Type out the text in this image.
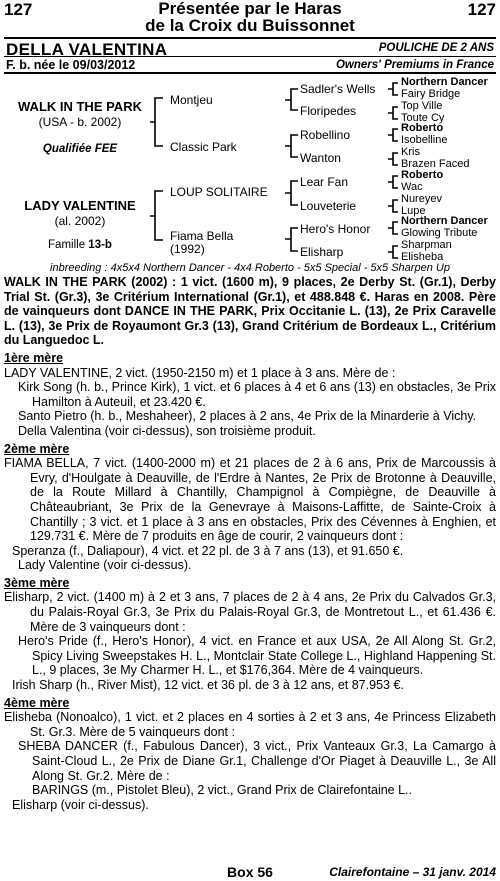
127	127
Présentée par le Haras
de la Croix du Buissonnet
DELLA VALENTINA	POULICHE DE 2 ANS
F. b. née le 09/03/2012	Owners' Premiums in France
WALK IN THE PARK
(USA - b. 2002)
Qualifiée FEE
LADY VALENTINE
(al. 2002)
Famille 13-b
Montjeu
Classic Park
LOUP SOLITAIRE
Fiama Bella
(1992)
Sadler's Wells
Floripedes
Robellino
Wanton
Lear Fan
Louveterie
Hero's Honor
Elisharp
Northern Dancer
Fairy Bridge
Top Ville
Toute Cy
Roberto
Isobelline
Kris
Brazen Faced
Roberto
Wac
Nureyev
Lupe
Northern Dancer
Glowing Tribute
Sharpman
Elisheba
inbreeding : 4x5x4 Northern Dancer - 4x4 Roberto - 5x5 Special - 5x5 Sharpen Up

WALK IN THE PARK (2002) : 1 vict. (1600 m), 9 places, 2e Derby St. (Gr.1), Derby Trial St. (Gr.3), 3e Critérium International (Gr.1), et 488.848 €. Haras en 2008. Père de vainqueurs dont DANCE IN THE PARK, Prix Occitanie L. (13), 2e Prix Caravelle L. (13), 3e Prix de Royaumont Gr.3 (13), Grand Critérium de Bordeaux L., Critérium du Languedoc L.

1ère mère

LADY VALENTINE, 2 vict. (1950-2150 m) et 1 place à 3 ans. Mère de :

Kirk Song (h. b., Prince Kirk), 1 vict. et 6 places à 4 et 6 ans (13) en obstacles, 3e Prix Hamilton à Auteuil, et 23.420 €.

Santo Pietro (h. b., Meshaheer), 2 places à 2 ans, 4e Prix de la Minarderie à Vichy.

Della Valentina (voir ci-dessus), son troisième produit.

2ème mère

FIAMA BELLA, 7 vict. (1400-2000 m) et 21 places de 2 à 6 ans, Prix de Marcoussis à Evry, d'Houlgate à Deauville, de l'Erdre à Nantes, 2e Prix de Brotonne à Deauville, de la Route Millard à Chantilly, Champignol à Compiègne, de Deauville à Châteaubriant, 3e Prix de la Genevraye à Maisons-Laffitte, de Sainte-Croix à Chantilly ; 3 vict. et 1 place à 3 ans en obstacles, Prix des Cévennes à Enghien, et 129.731 €. Mère de 7 produits en âge de courir, 2 vainqueurs dont :

Speranza (f., Daliapour), 4 vict. et 22 pl. de 3 à 7 ans (13), et 91.650 €.

Lady Valentine (voir ci-dessus).

3ème mère

Elisharp, 2 vict. (1400 m) à 2 et 3 ans, 7 places de 2 à 4 ans, 2e Prix du Calvados Gr.3, du Palais-Royal Gr.3, 3e Prix du Palais-Royal Gr.3, de Montretout L., et 61.436 €. Mère de 3 vainqueurs dont :

Hero's Pride (f., Hero's Honor), 4 vict. en France et aux USA, 2e All Along St. Gr.2, Spicy Living Sweepstakes H. L., Montclair State College L., Highland Happening St. L., 9 places, 3e My Charmer H. L., et $176,364. Mère de 4 vainqueurs.

Irish Sharp (h., River Mist), 12 vict. et 36 pl. de 3 à 12 ans, et 87.953 €.

4ème mère

Elisheba (Nonoalco), 1 vict. et 2 places en 4 sorties à 2 et 3 ans, 4e Princess Elizabeth St. Gr.3. Mère de 5 vainqueurs dont :

SHEBA DANCER (f., Fabulous Dancer), 3 vict., Prix Vanteaux Gr.3, La Camargo à Saint-Cloud L., 2e Prix de Diane Gr.1, Challenge d'Or Piaget à Deauville L., 3e All Along St. Gr.2. Mère de :

BARINGS (m., Pistolet Bleu), 2 vict., Grand Prix de Clairefontaine L..

Elisharp (voir ci-dessus).

Box 56	Clairefontaine – 31 janv. 2014
